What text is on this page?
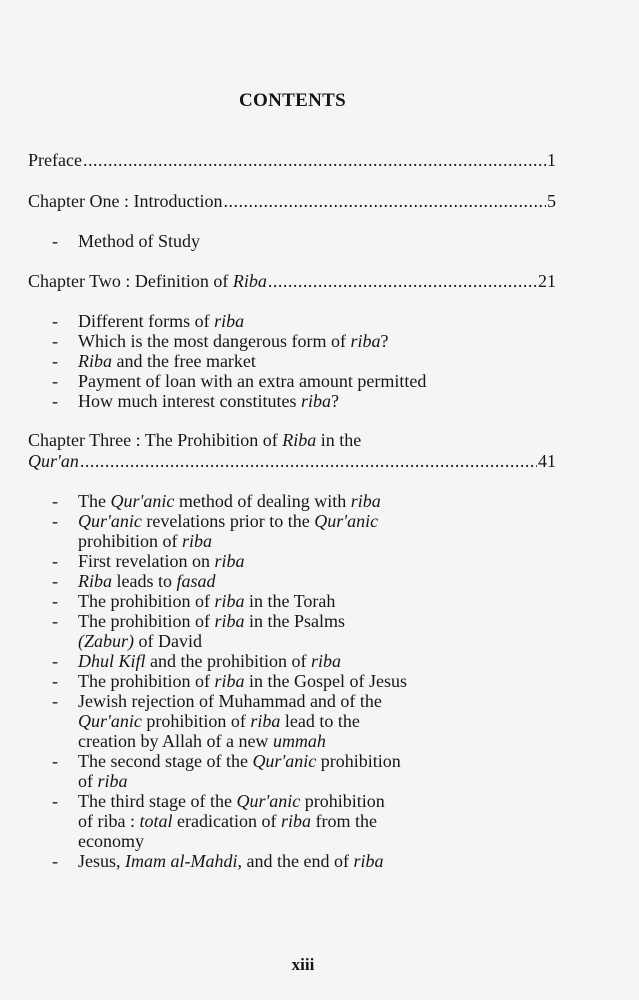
CONTENTS
Preface .....	1
Chapter One : Introduction .....	5
-	Method of Study
Chapter Two : Definition of Riba .....	21
-	Different forms of riba
-	Which is the most dangerous form of riba?
-	Riba and the free market
-	Payment of loan with an extra amount permitted
-	How much interest constitutes riba?
Chapter Three : The Prohibition of Riba in the
Qur'an .....	41
-	The Qur'anic method of dealing with riba
-	Qur'anic revelations prior to the Qur'anic
prohibition of riba
-	First revelation on riba
-	Riba leads to fasad
-	The prohibition of riba in the Torah
-	The prohibition of riba in the Psalms
(Zabur) of David
-	Dhul Kifl and the prohibition of riba
-	The prohibition of riba in the Gospel of Jesus
-	Jewish rejection of Muhammad and of the
Qur'anic prohibition of riba lead to the
creation by Allah of a new ummah
-	The second stage of the Qur'anic prohibition
of riba
-	The third stage of the Qur'anic prohibition
of riba : total eradication of riba from the
economy
-	Jesus, Imam al-Mahdi, and the end of riba
xiii
